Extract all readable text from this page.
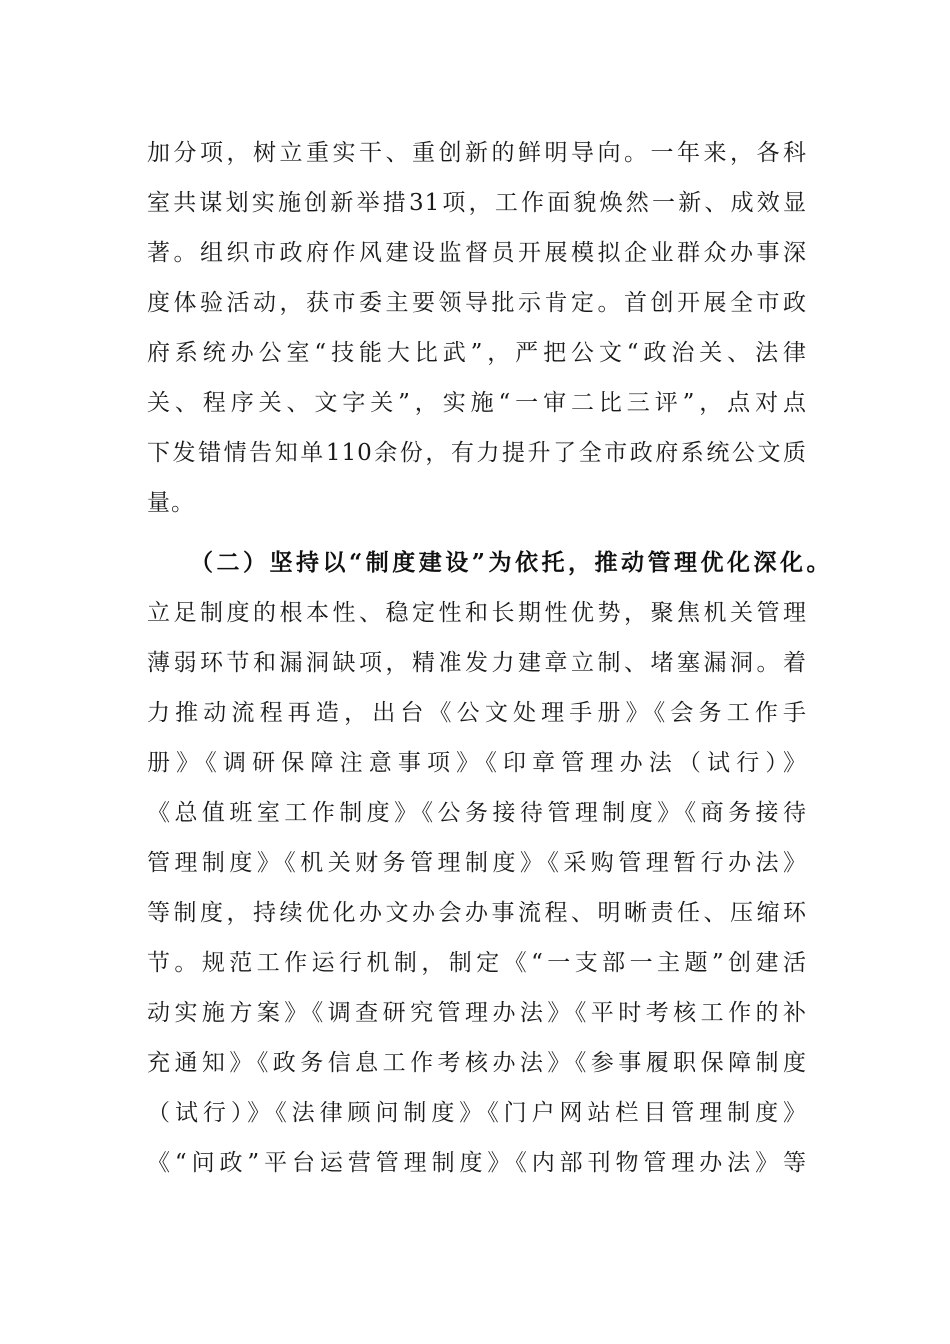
加分项，树立重实干、重创新的鲜明导向。一年来，各科
室共谋划实施创新举措31项，工作面貌焕然一新、成效显
著。组织市政府作风建设监督员开展模拟企业群众办事深
度体验活动，获市委主要领导批示肯定。首创开展全市政
府系统办公室“技能大比武”，严把公文“政治关、法律
关、程序关、文字关”，实施“一审二比三评”，点对点
下发错情告知单110余份，有力提升了全市政府系统公文质
量。
（二）坚持以“制度建设”为依托，推动管理优化深化。
立足制度的根本性、稳定性和长期性优势，聚焦机关管理
薄弱环节和漏洞缺项，精准发力建章立制、堵塞漏洞。着
力推动流程再造，出台《公文处理手册》《会务工作手
册》《调研保障注意事项》《印章管理办法（试行）》
《总值班室工作制度》《公务接待管理制度》《商务接待
管理制度》《机关财务管理制度》《采购管理暂行办法》
等制度，持续优化办文办会办事流程、明晰责任、压缩环
节。规范工作运行机制，制定《“一支部一主题”创建活
动实施方案》《调查研究管理办法》《平时考核工作的补
充通知》《政务信息工作考核办法》《参事履职保障制度
（试行）》《法律顾问制度》《门户网站栏目管理制度》
《“问政”平台运营管理制度》《内部刊物管理办法》等
